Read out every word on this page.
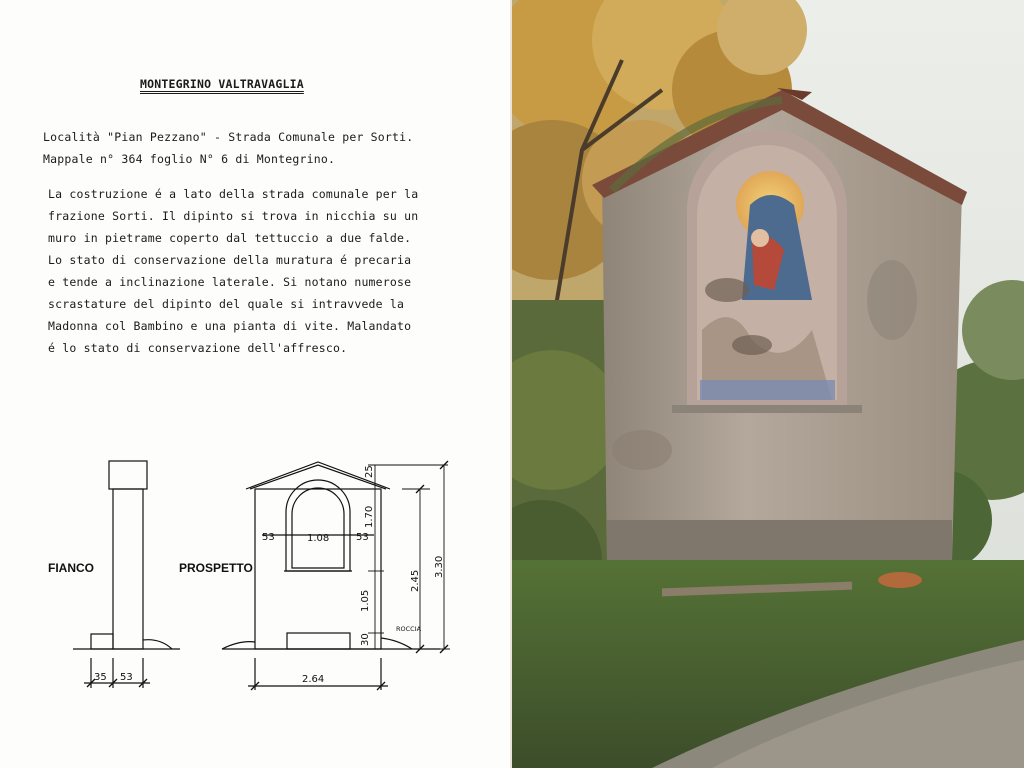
MONTEGRINO VALTRAVAGLIA
Località "Pian Pezzano" - Strada Comunale per Sorti.
Mappale n° 364 foglio N° 6 di Montegrino.
La costruzione é a lato della strada comunale per la
frazione Sorti. Il dipinto si trova in nicchia su un
muro in pietrame coperto dal tettuccio a due falde.
Lo stato di conservazione della muratura é precaria
e tende a inclinazione laterale. Si notano numerose
scrastature del dipinto del quale si intravvede la
Madonna col Bambino e una pianta di vite. Malandato
é lo stato di conservazione dell'affresco.
35 53	2.64
1.08
53	53
25
1.70
1.05
30
2.45
3.30
ROCCIA
FIANCO	PROSPETTO
